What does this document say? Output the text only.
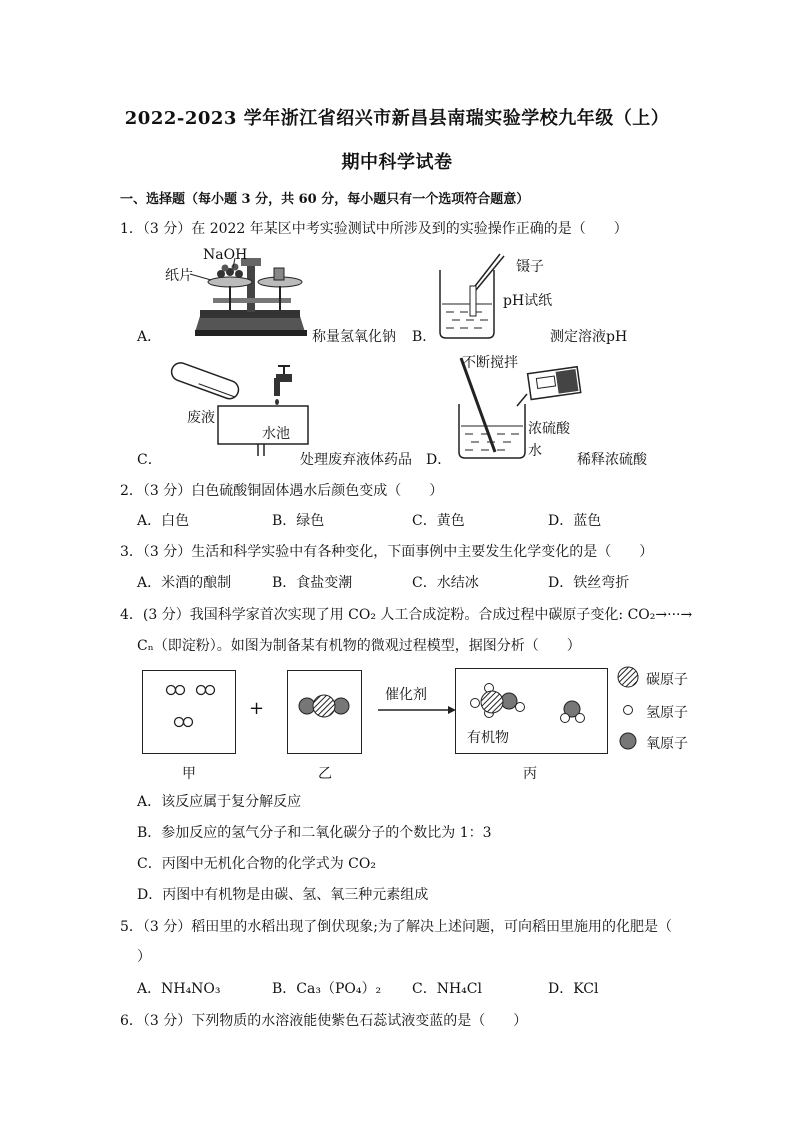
2022-2023 学年浙江省绍兴市新昌县南瑞实验学校九年级（上）
期中科学试卷
一、选择题（每小题 3 分，共 60 分，每小题只有一个选项符合题意）
1．（3 分）在 2022 年某区中考实验测试中所涉及到的实验操作正确的是（　　）
A．
NaOH
纸片
称量氢氧化钠 B．
镊子
pH试纸
测定溶液pH
C．
废液
水池
处理废弃液体药品 D．
不断搅拌
浓硫酸
水
稀释浓硫酸
2．（3 分）白色硫酸铜固体遇水后颜色变成（　　）
A．白色	B．绿色	C．黄色	D．蓝色
3．（3 分）生活和科学实验中有各种变化，下面事例中主要发生化学变化的是（　　）
A．米酒的酿制	B．食盐变潮	C．水结冰	D．铁丝弯折
4．(3 分）我国科学家首次实现了用 CO₂ 人工合成淀粉。合成过程中碳原子变化: CO₂→···→
Cₙ（即淀粉）。如图为制备某有机物的微观过程模型，据图分析（　　）
甲
+
乙
催化剂
有机物
丙
碳原子
氢原子
氧原子
A．该反应属于复分解反应
B．参加反应的氢气分子和二氧化碳分子的个数比为 1：3
C．丙图中无机化合物的化学式为 CO₂
D．丙图中有机物是由碳、氢、氧三种元素组成
5．（3 分）稻田里的水稻出现了倒伏现象;为了解决上述问题，可向稻田里施用的化肥是（
）
A．NH₄NO₃	B．Ca₃（PO₄）₂ C．NH₄Cl	D．KCl
6．（3 分）下列物质的水溶液能使紫色石蕊试液变蓝的是（　　）
